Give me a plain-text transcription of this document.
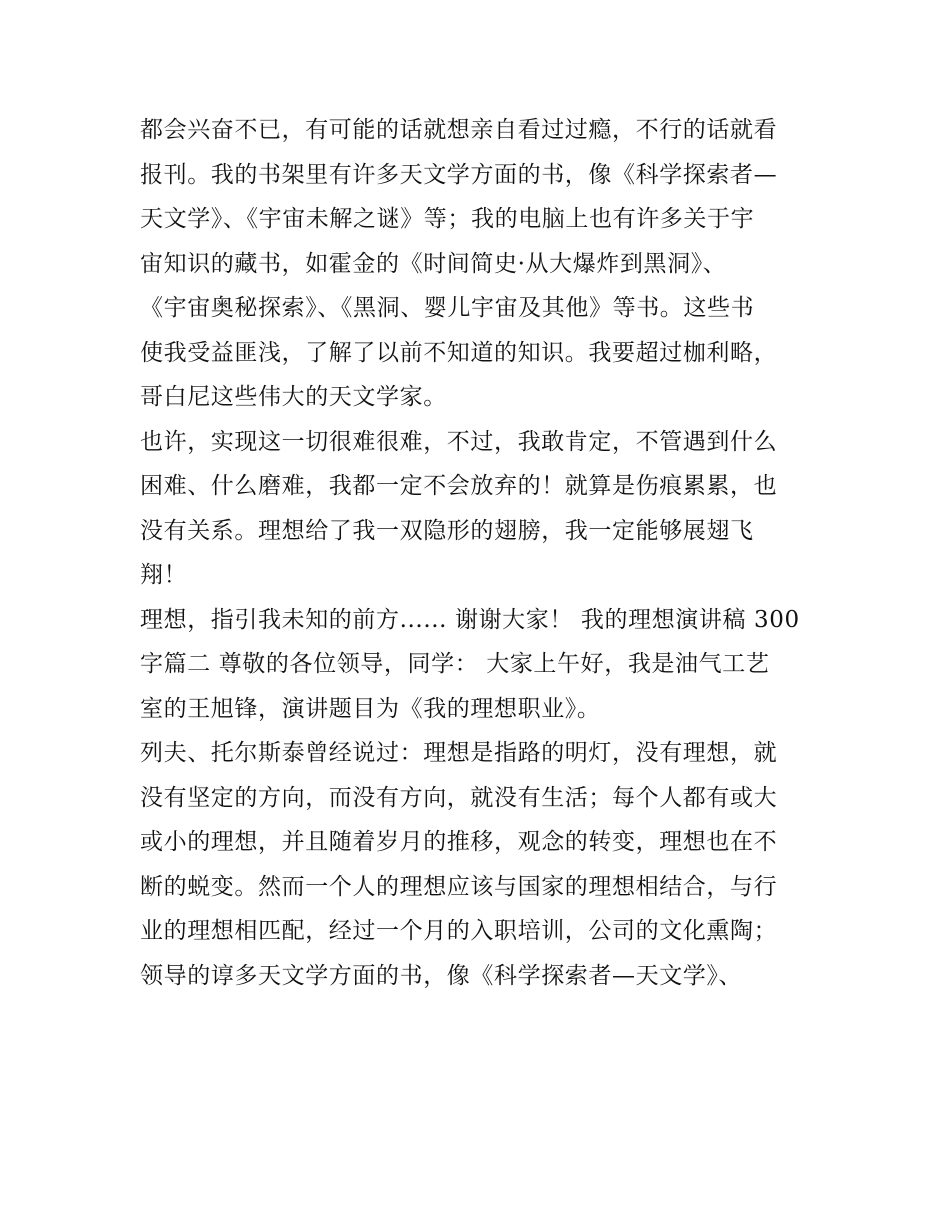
都会兴奋不已，有可能的话就想亲自看过过瘾，不行的话就看
报刊。我的书架里有许多天文学方面的书，像《科学探索者—
天文学》、《宇宙未解之谜》等；我的电脑上也有许多关于宇
宙知识的藏书，如霍金的《时间简史·从大爆炸到黑洞》、
《宇宙奥秘探索》、《黑洞、婴儿宇宙及其他》等书。这些书
使我受益匪浅，了解了以前不知道的知识。我要超过枷利略，
哥白尼这些伟大的天文学家。
也许，实现这一切很难很难，不过，我敢肯定，不管遇到什么
困难、什么磨难，我都一定不会放弃的！就算是伤痕累累，也
没有关系。理想给了我一双隐形的翅膀，我一定能够展翅飞
翔！
理想，指引我未知的前方...... 谢谢大家！ 我的理想演讲稿 300
字篇二 尊敬的各位领导，同学： 大家上午好，我是油气工艺
室的王旭锋，演讲题目为《我的理想职业》。
列夫、托尔斯泰曾经说过：理想是指路的明灯，没有理想，就
没有坚定的方向，而没有方向，就没有生活；每个人都有或大
或小的理想，并且随着岁月的推移，观念的转变，理想也在不
断的蜕变。然而一个人的理想应该与国家的理想相结合，与行
业的理想相匹配，经过一个月的入职培训，公司的文化熏陶；
领导的谆多天文学方面的书，像《科学探索者—天文学》、
